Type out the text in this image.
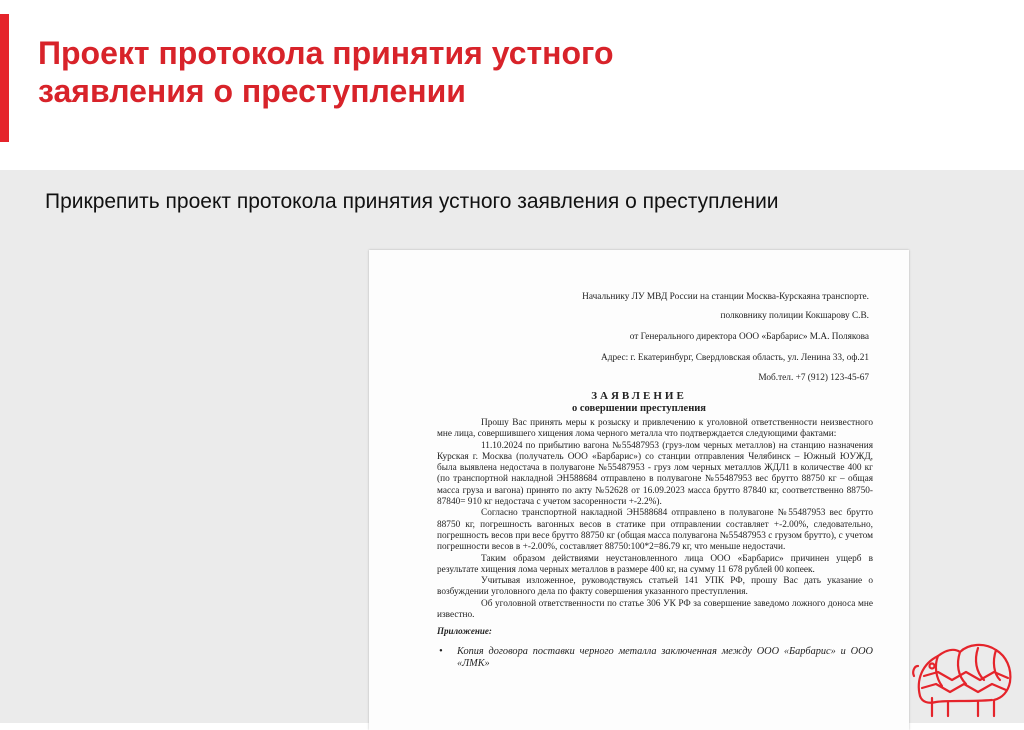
Проект протокола принятия устного
заявления о преступлении
Прикрепить проект протокола принятия устного заявления о преступлении
Начальнику ЛУ МВД России на станции Москва-Курскаяна транспорте.
полковнику полиции Кокшарову С.В.
от Генерального директора ООО «Барбарис» М.А. Полякова
Адрес: г. Екатеринбург, Свердловская область, ул. Ленина 33, оф.21
Моб.тел. +7 (912) 123-45-67
ЗАЯВЛЕНИЕ
о совершении преступления

Прошу Вас принять меры к розыску и привлечению к уголовной ответственности неизвестного мне лица, совершившего хищения лома черного металла что подтверждается следующими фактами:

11.10.2024 по прибытию вагона №55487953 (груз-лом черных металлов) на станцию назначения Курская г. Москва (получатель ООО «Барбарис») со станции отправления Челябинск – Южный ЮУЖД, была выявлена недостача в полувагоне №55487953 - груз лом черных металлов ЖДЛ1 в количестве 400 кг (по транспортной накладной ЭН588684 отправлено в полувагоне №55487953 вес брутто 88750 кг – общая масса груза и вагона) принято по акту №52628 от 16.09.2023 масса брутто 87840 кг, соответственно 88750-87840= 910 кг недостача с учетом засоренности +-2.2%).

Согласно транспортной накладной ЭН588684 отправлено в полувагоне №55487953 вес брутто 88750 кг, погрешность вагонных весов в статике при отправлении составляет +-2.00%, следовательно, погрешность весов при весе брутто 88750 кг (общая масса полувагона №55487953 с грузом брутто), с учетом погрешности весов в +-2.00%, составляет 88750:100*2=86.79 кг, что меньше недостачи.

Таким образом действиями неустановленного лица ООО «Барбарис» причинен ущерб в результате хищения лома черных металлов в размере 400 кг, на сумму 11 678 рублей 00 копеек.

Учитывая изложенное, руководствуясь статьей 141 УПК РФ, прошу Вас дать указание о возбуждении уголовного дела по факту совершения указанного преступления.

Об уголовной ответственности по статье 306 УК РФ за совершение заведомо ложного доноса мне известно.

Приложение:

• Копия договора поставки черного металла заключенная между ООО «Барбарис» и ООО «ЛМК»
